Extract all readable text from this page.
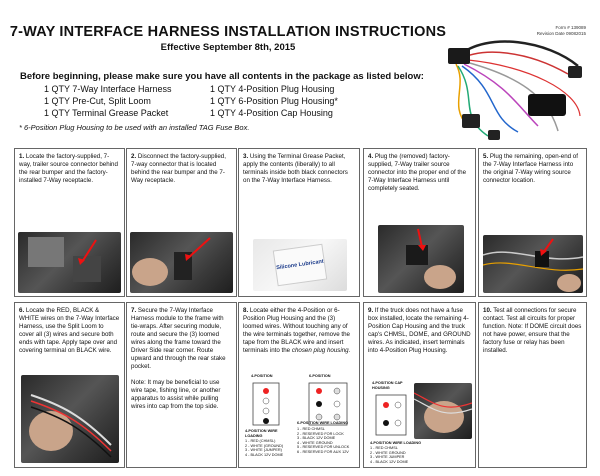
7-WAY INTERFACE HARNESS INSTALLATION INSTRUCTIONS
Effective September 8th, 2015
Form # 139089
Revision Date 09082015
Before beginning, please make sure you have all contents in the package as listed below:
1 QTY 7-Way Interface Harness
1 QTY Pre-Cut, Split Loom
1 QTY Terminal Grease Packet
1 QTY 4-Position Plug Housing
1 QTY 6-Position Plug Housing*
1 QTY 4-Position Cap Housing
* 6-Position Plug Housing to be used with an installed TAG Fuse Box.
1. Locate the factory-supplied, 7-way, trailer source connector behind the rear bumper and the factory-installed 7-Way receptacle.
2. Disconnect the factory-supplied, 7-way connector that is located behind the rear bumper and the 7-Way receptacle.
3. Using the Terminal Grease Packet, apply the contents (liberally) to all terminals inside both black connectors on the 7-Way Interface Harness.
Silicone Lubricant
4. Plug the (removed) factory-supplied, 7-Way trailer source connector into the proper end of the 7-Way Interface Harness until completely seated.
5. Plug the remaining, open-end of the 7-Way Interface Harness into the original 7-Way wiring source connector location.
6. Locate the RED, BLACK & WHITE wires on the 7-Way Interface Harness, use the Split Loom to cover all (3) wires and secure both ends with tape. Apply tape over and covering terminal on BLACK wire.
7. Secure the 7-Way Interface Harness module to the frame with tie-wraps. After securing module, route and secure the (3) loomed wires along the frame toward the Driver Side rear corner. Route upward and through the rear stake pocket.
Note: It may be beneficial to use wire tape, fishing line, or another apparatus to assist while pulling wires into cap from the top side.
8. Locate either the 4-Position or 6-Position Plug Housing and the (3) loomed wires. Without touching any of the wire terminals together, remove the tape from the BLACK wire and insert terminals into the chosen plug housing.
4-POSITION	6-POSITION
4-POSITION WIRE LOADING
1 - RED (CHMSL)
2 - WHITE (GROUND)
3 - WHITE (JUMPER)
4 - BLACK 12V DOME
6-POSITION WIRE LOADING
1 - RED CHMSL
2 - RESERVED FOR LOCK
3 - BLACK 12V DOME
4 - WHITE GROUND
5 - RESERVED FOR UNLOCK
6 - RESERVED FOR AUX 12V
9. If the truck does not have a fuse box installed, locate the remaining 4-Position Cap Housing and the truck cap's CHMSL, DOME, and GROUND wires. As indicated, insert terminals into 4-Position Plug Housing.
4-POSITION CAP HOUSING
4-POSITION WIRE LOADING
1 - RED CHMSL
2 - WHITE GROUND
3 - WHITE JUMPER
4 - BLACK 12V DOME
10. Test all connections for secure contact. Test all circuits for proper function. Note: If DOME circuit does not have power, ensure that the factory fuse or relay has been installed.
